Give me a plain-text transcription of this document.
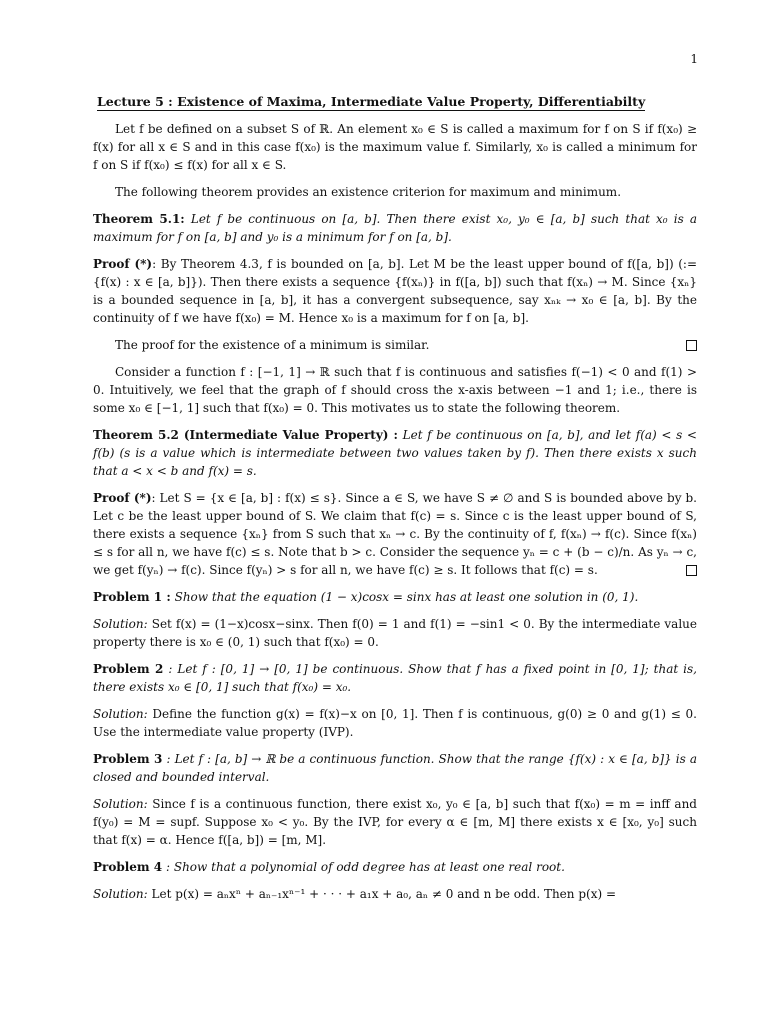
1
Lecture 5 : Existence of Maxima, Intermediate Value Property, Differentiabilty

Let f be defined on a subset S of ℝ. An element x₀ ∈ S is called a maximum for f on S if f(x₀) ≥ f(x) for all x ∈ S and in this case f(x₀) is the maximum value f. Similarly, x₀ is called a minimum for f on S if f(x₀) ≤ f(x) for all x ∈ S.

The following theorem provides an existence criterion for maximum and minimum.

Theorem 5.1: Let f be continuous on [a, b]. Then there exist x₀, y₀ ∈ [a, b] such that x₀ is a maximum for f on [a, b] and y₀ is a minimum for f on [a, b].

Proof (*): By Theorem 4.3, f is bounded on [a, b]. Let M be the least upper bound of f([a, b]) (:= {f(x) : x ∈ [a, b]}). Then there exists a sequence {f(xₙ)} in f([a, b]) such that f(xₙ) → M. Since {xₙ} is a bounded sequence in [a, b], it has a convergent subsequence, say xₙₖ → x₀ ∈ [a, b]. By the continuity of f we have f(x₀) = M. Hence x₀ is a maximum for f on [a, b].

The proof for the existence of a minimum is similar.

Consider a function f : [−1, 1] → ℝ such that f is continuous and satisfies f(−1) < 0 and f(1) > 0. Intuitively, we feel that the graph of f should cross the x-axis between −1 and 1; i.e., there is some x₀ ∈ [−1, 1] such that f(x₀) = 0. This motivates us to state the following theorem.

Theorem 5.2 (Intermediate Value Property) : Let f be continuous on [a, b], and let f(a) < s < f(b) (s is a value which is intermediate between two values taken by f). Then there exists x such that a < x < b and f(x) = s.

Proof (*): Let S = {x ∈ [a, b] : f(x) ≤ s}. Since a ∈ S, we have S ≠ ∅ and S is bounded above by b. Let c be the least upper bound of S. We claim that f(c) = s. Since c is the least upper bound of S, there exists a sequence {xₙ} from S such that xₙ → c. By the continuity of f, f(xₙ) → f(c). Since f(xₙ) ≤ s for all n, we have f(c) ≤ s. Note that b > c. Consider the sequence yₙ = c + (b − c)/n. As yₙ → c, we get f(yₙ) → f(c). Since f(yₙ) > s for all n, we have f(c) ≥ s. It follows that f(c) = s.

Problem 1 : Show that the equation (1 − x)cosx = sinx has at least one solution in (0, 1).

Solution: Set f(x) = (1−x)cosx−sinx. Then f(0) = 1 and f(1) = −sin1 < 0. By the intermediate value property there is x₀ ∈ (0, 1) such that f(x₀) = 0.

Problem 2 : Let f : [0, 1] → [0, 1] be continuous. Show that f has a fixed point in [0, 1]; that is, there exists x₀ ∈ [0, 1] such that f(x₀) = x₀.

Solution: Define the function g(x) = f(x)−x on [0, 1]. Then f is continuous, g(0) ≥ 0 and g(1) ≤ 0. Use the intermediate value property (IVP).

Problem 3 : Let f : [a, b] → ℝ be a continuous function. Show that the range {f(x) : x ∈ [a, b]} is a closed and bounded interval.

Solution: Since f is a continuous function, there exist x₀, y₀ ∈ [a, b] such that f(x₀) = m = inff and f(y₀) = M = supf. Suppose x₀ < y₀. By the IVP, for every α ∈ [m, M] there exists x ∈ [x₀, y₀] such that f(x) = α. Hence f([a, b]) = [m, M].

Problem 4 : Show that a polynomial of odd degree has at least one real root.

Solution: Let p(x) = aₙxⁿ + aₙ₋₁xⁿ⁻¹ + · · · + a₁x + a₀, aₙ ≠ 0 and n be odd. Then p(x) =
